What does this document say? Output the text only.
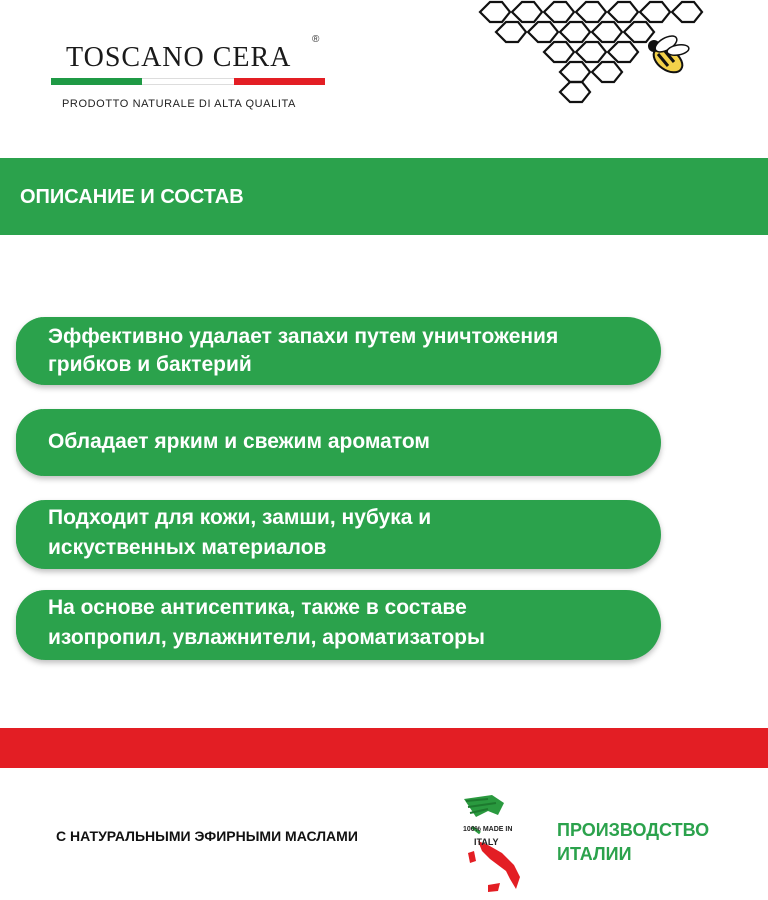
TOSCANO CERA
®
PRODOTTO NATURALE DI ALTA QUALITA
ОПИСАНИЕ И СОСТАВ
Эффективно удалает запахи путем уничтожения
грибков и бактерий
Обладает ярким и свежим ароматом
Подходит для кожи, замши, нубука и
искуственных материалов
На основе антисептика, также в составе
изопропил, увлажнители, ароматизаторы
С НАТУРАЛЬНЫМИ ЭФИРНЫМИ МАСЛАМИ	100% MADE IN
ITALY
ПРОИЗВОДСТВО
ИТАЛИИ
